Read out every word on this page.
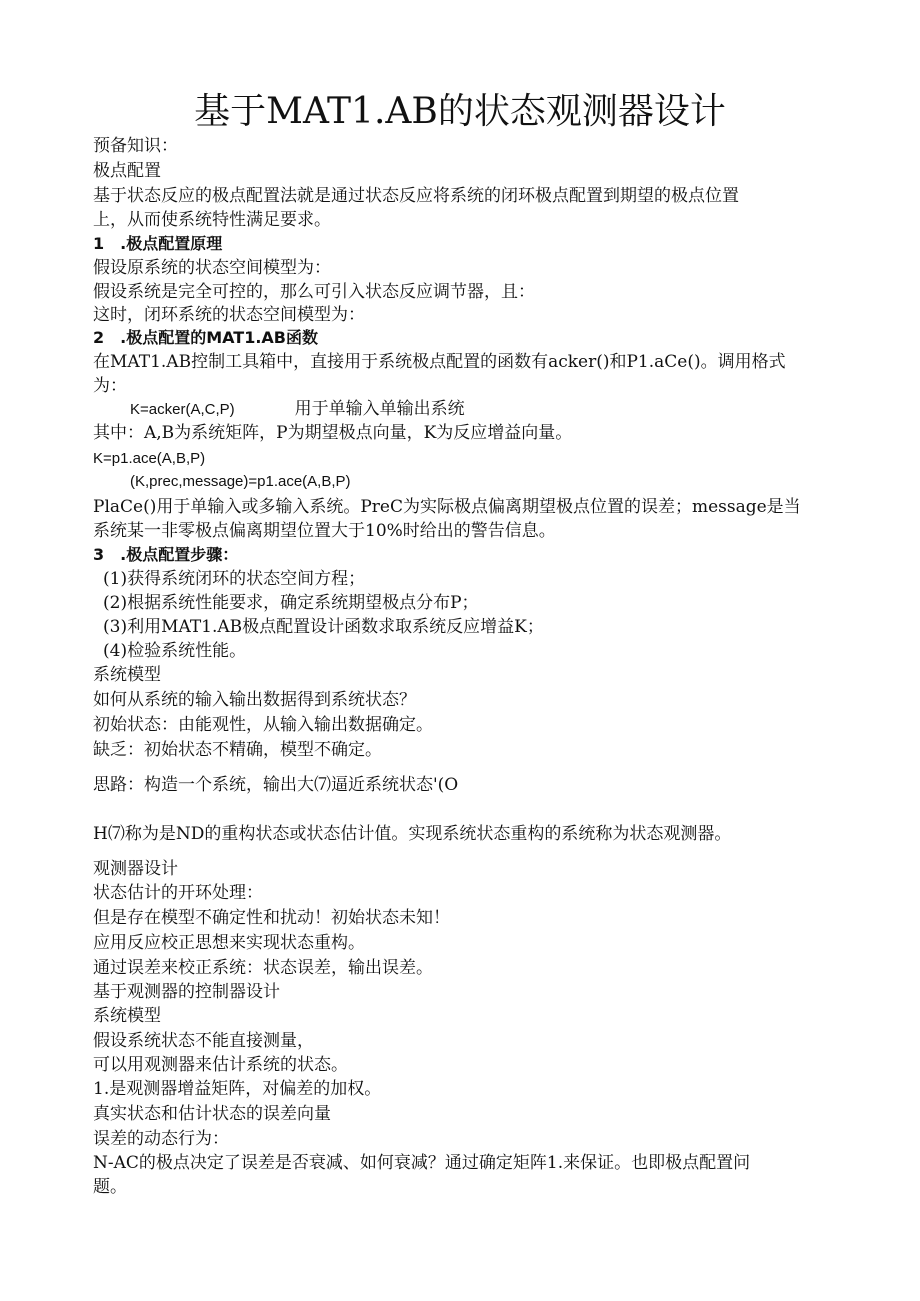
基于MAT1.AB的状态观测器设计
预备知识：
极点配置
基于状态反应的极点配置法就是通过状态反应将系统的闭环极点配置到期望的极点位置
上，从而使系统特性满足要求。
1　.极点配置原理
假设原系统的状态空间模型为：
假设系统是完全可控的，那么可引入状态反应调节器，且：
这时，闭环系统的状态空间模型为：
2　.极点配置的MAT1.AB函数
在MAT1.AB控制工具箱中，直接用于系统极点配置的函数有acker()和P1.aCe()。调用格式
为：
K=acker(A,C,P)	用于单输入单输出系统
其中：A,B为系统矩阵，P为期望极点向量，K为反应增益向量。
K=p1.ace(A,B,P)
(K,prec,message)=p1.ace(A,B,P)
PlaCe()用于单输入或多输入系统。PreC为实际极点偏离期望极点位置的误差；message是当
系统某一非零极点偏离期望位置大于10%时给出的警告信息。
3　.极点配置步骤：
(1)获得系统闭环的状态空间方程；
(2)根据系统性能要求，确定系统期望极点分布P；
(3)利用MAT1.AB极点配置设计函数求取系统反应增益K；
(4)检验系统性能。
系统模型
如何从系统的输入输出数据得到系统状态？
初始状态：由能观性，从输入输出数据确定。
缺乏：初始状态不精确，模型不确定。
思路：构造一个系统，输出大⑺逼近系统状态'(O
H⑺称为是ND的重构状态或状态估计值。实现系统状态重构的系统称为状态观测器。
观测器设计
状态估计的开环处理：
但是存在模型不确定性和扰动！初始状态未知！
应用反应校正思想来实现状态重构。
通过误差来校正系统：状态误差，输出误差。
基于观测器的控制器设计
系统模型
假设系统状态不能直接测量，
可以用观测器来估计系统的状态。
1.是观测器增益矩阵，对偏差的加权。
真实状态和估计状态的误差向量
误差的动态行为：
N-AC的极点决定了误差是否衰减、如何衰减？通过确定矩阵1.来保证。也即极点配置问
题。
